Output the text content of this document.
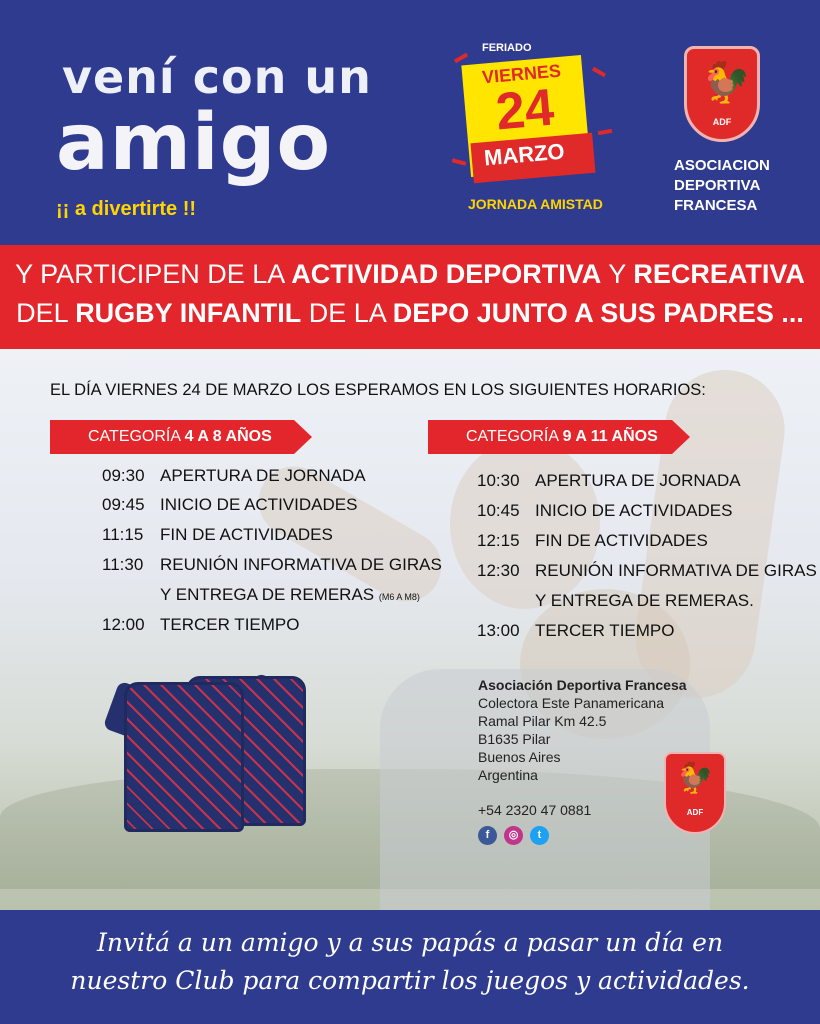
vení con un
amigo
¡¡ a divertirte !!
FERIADO
VIERNES
24
MARZO
JORNADA AMISTAD
🐓
ADF
ASOCIACION DEPORTIVA FRANCESA
Y PARTICIPEN DE LA ACTIVIDAD DEPORTIVA Y RECREATIVA
DEL RUGBY INFANTIL DE LA DEPO JUNTO A SUS PADRES ...
EL DÍA VIERNES 24 DE MARZO LOS ESPERAMOS EN LOS SIGUIENTES HORARIOS:
CATEGORÍA 4 A 8 AÑOS	CATEGORÍA 9 A 11 AÑOS
09:30 APERTURA DE JORNADA
09:45 INICIO DE ACTIVIDADES
11:15 FIN DE ACTIVIDADES
11:30 REUNIÓN INFORMATIVA DE GIRAS
Y ENTREGA DE REMERAS (M6 A M8)
12:00 TERCER TIEMPO
10:30 APERTURA DE JORNADA
10:45 INICIO DE ACTIVIDADES
12:15 FIN DE ACTIVIDADES
12:30 REUNIÓN INFORMATIVA DE GIRAS
Y ENTREGA DE REMERAS.
13:00 TERCER TIEMPO
Asociación Deportiva Francesa
Colectora Este Panamericana
Ramal Pilar Km 42.5
B1635 Pilar
Buenos Aires
Argentina
+54 2320 47 0881
f	◎	t
🐓
ADF
Invitá a un amigo y a sus papás a pasar un día en
nuestro Club para compartir los juegos y actividades.
